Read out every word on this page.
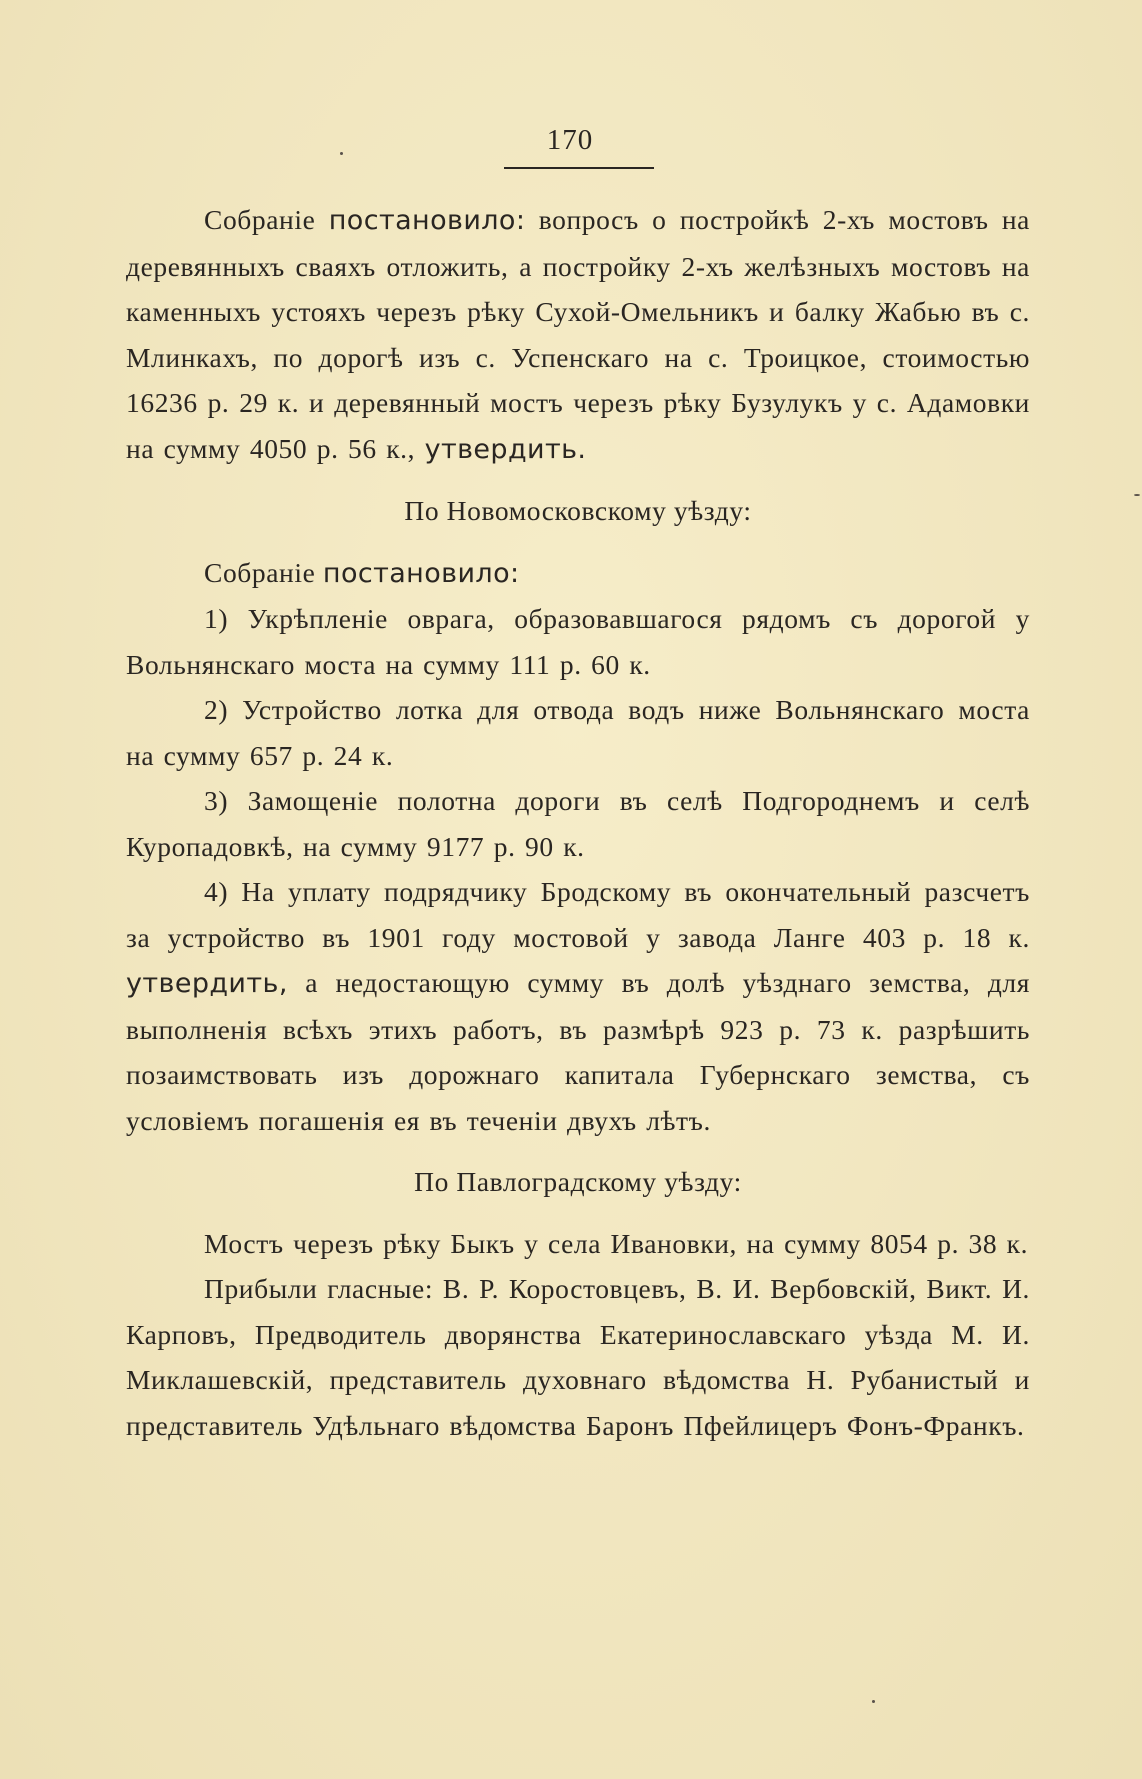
170

Собраніе постановило: вопросъ о постройкѣ 2-хъ мостовъ на деревянныхъ сваяхъ отложить, а постройку 2-хъ желѣзныхъ мостовъ на каменныхъ устояхъ черезъ рѣку Сухой-Омельникъ и балку Жабью въ с. Млинкахъ, по дорогѣ изъ с. Успенскаго на с. Троицкое, стоимостью 16236 р. 29 к. и деревянный мостъ черезъ рѣку Бузулукъ у с. Адамовки на сумму 4050 р. 56 к., утвердить.

По Новомосковскому уѣзду:

Собраніе постановило:

1) Укрѣпленіе оврага, образовавшагося рядомъ съ дорогой у Вольнянскаго моста на сумму 111 р. 60 к.

2) Устройство лотка для отвода водъ ниже Вольнянскаго моста на сумму 657 р. 24 к.

3) Замощеніе полотна дороги въ селѣ Подгороднемъ и селѣ Куропадовкѣ, на сумму 9177 р. 90 к.

4) На уплату подрядчику Бродскому въ окончательный разсчетъ за устройство въ 1901 году мостовой у завода Ланге 403 р. 18 к. утвердить, а недостающую сумму въ долѣ уѣзднаго земства, для выполненія всѣхъ этихъ работъ, въ размѣрѣ 923 р. 73 к. разрѣшить позаимствовать изъ дорожнаго капитала Губернскаго земства, съ условіемъ погашенія ея въ теченіи двухъ лѣтъ.

По Павлоградскому уѣзду:

Мостъ черезъ рѣку Быкъ у села Ивановки, на сумму 8054 р. 38 к.

Прибыли гласные: В. Р. Коростовцевъ, В. И. Вербовскій, Викт. И. Карповъ, Предводитель дворянства Екатеринославскаго уѣзда М. И. Миклашевскій, представитель духовнаго вѣдомства Н. Рубанистый и представитель Удѣльнаго вѣдомства Баронъ Пфейлицеръ Фонъ-Франкъ.
